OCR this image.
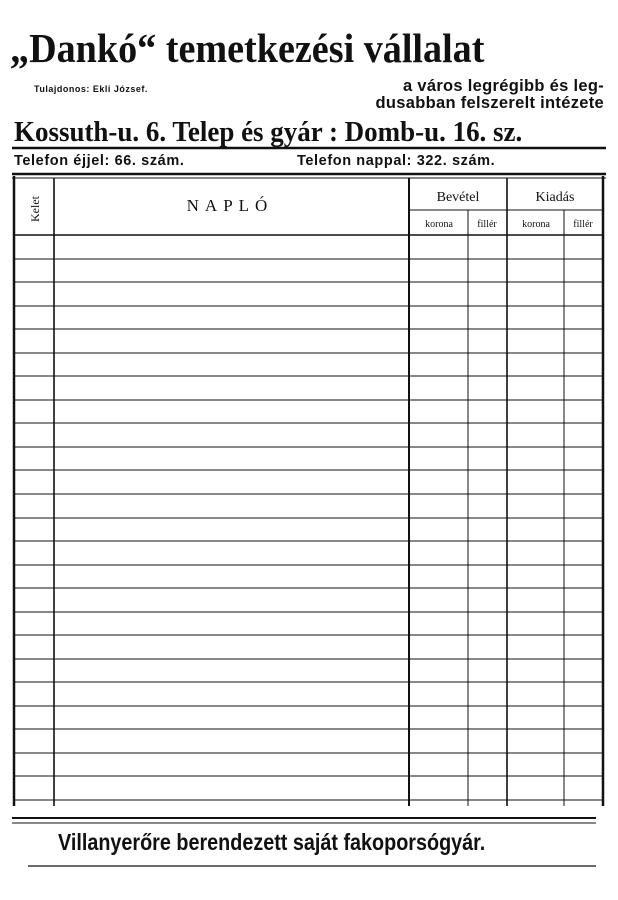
„Dankó“ temetkezési vállalat
Tulajdonos: Ekli József.	a város legrégibb és leg-
dusabban felszerelt intézete
Kossuth-u. 6. Telep és gyár : Domb-u. 16. sz.
Telefon éjjel: 66. szám.	Telefon nappal: 322. szám.
Kelet	NAPLÓ	Bevétel	Kiadás
korona	fillér	korona	fillér
Villanyerőre berendezett saját fakoporsógyár.
